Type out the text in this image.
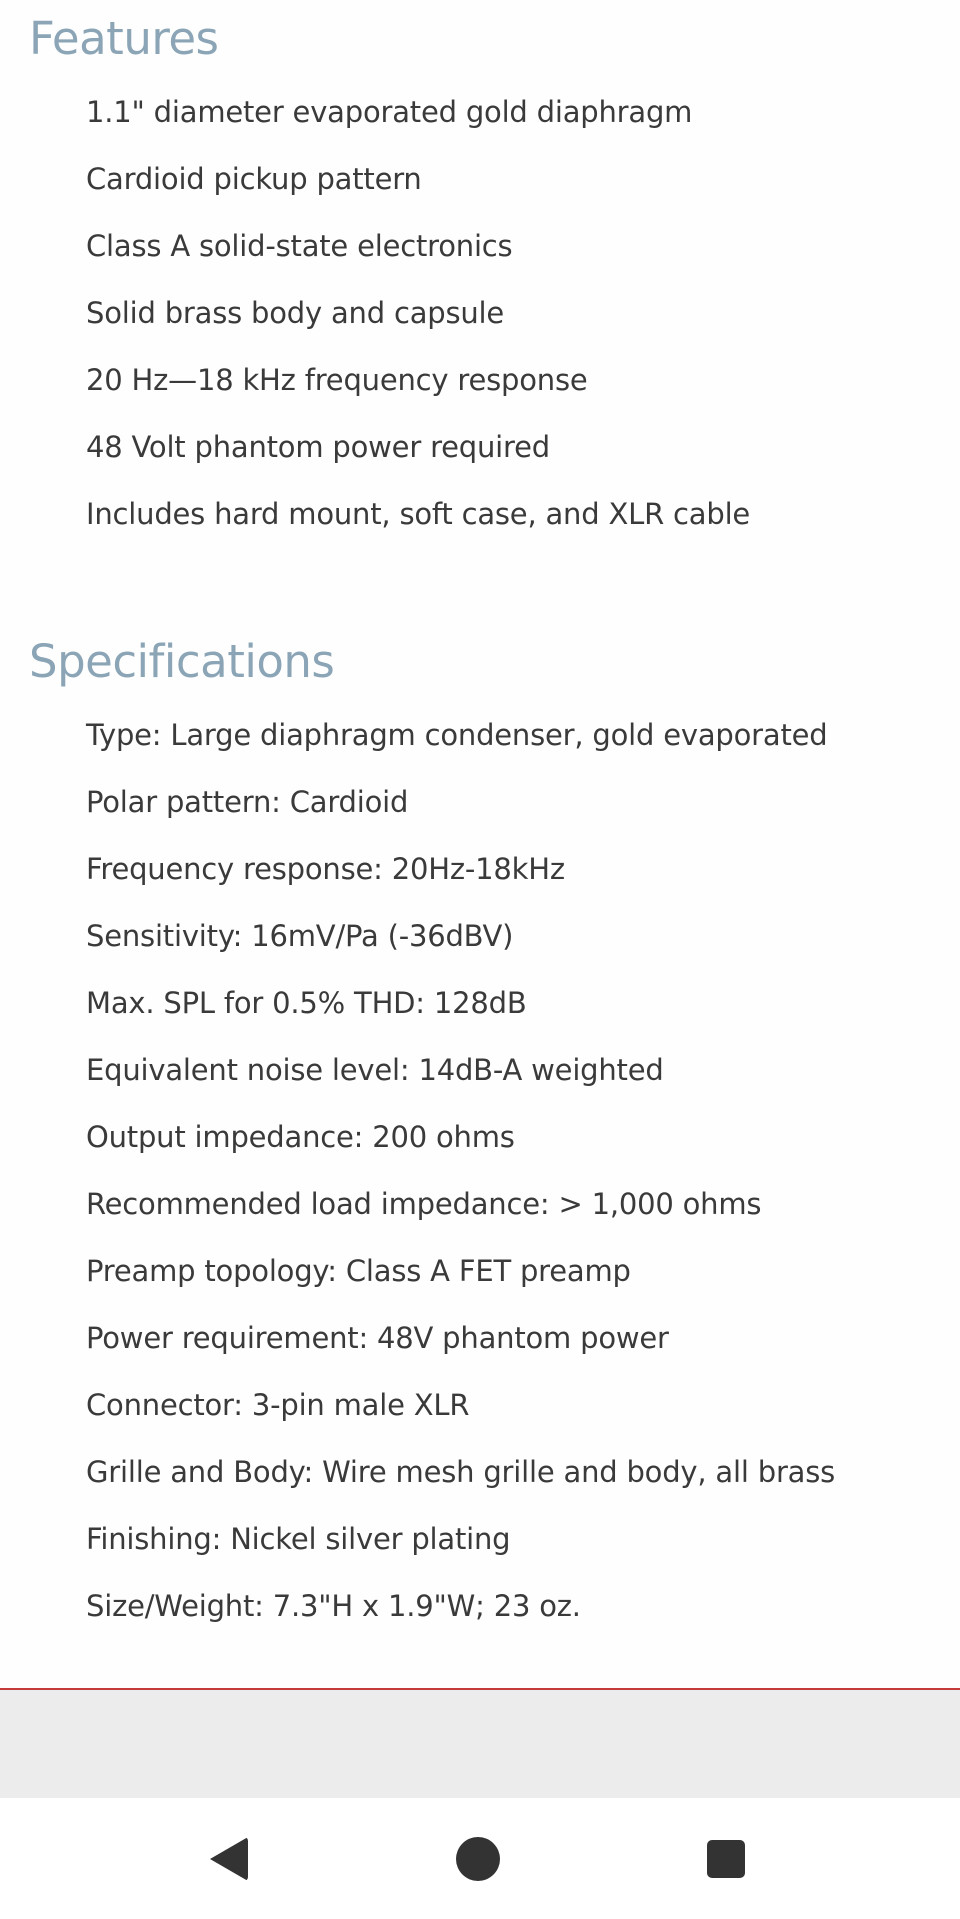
Features
1.1" diameter evaporated gold diaphragm
Cardioid pickup pattern
Class A solid-state electronics
Solid brass body and capsule
20 Hz—18 kHz frequency response
48 Volt phantom power required
Includes hard mount, soft case, and XLR cable
Specifications
Type: Large diaphragm condenser, gold evaporated
Polar pattern: Cardioid
Frequency response: 20Hz-18kHz
Sensitivity: 16mV/Pa (-36dBV)
Max. SPL for 0.5% THD: 128dB
Equivalent noise level: 14dB-A weighted
Output impedance: 200 ohms
Recommended load impedance: > 1,000 ohms
Preamp topology: Class A FET preamp
Power requirement: 48V phantom power
Connector: 3-pin male XLR
Grille and Body: Wire mesh grille and body, all brass
Finishing: Nickel silver plating
Size/Weight: 7.3"H x 1.9"W; 23 oz.
